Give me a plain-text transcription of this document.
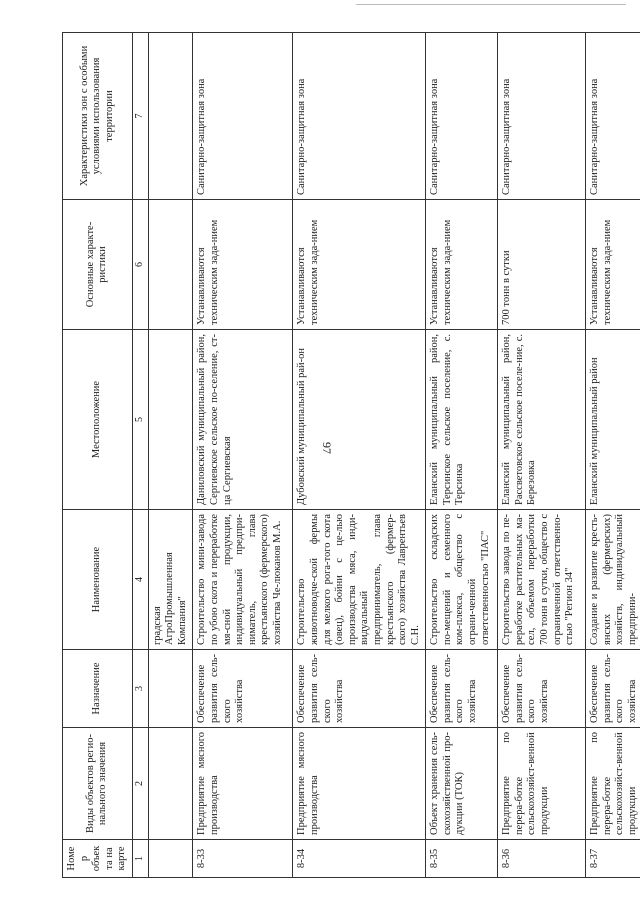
97
Номер объекта на карте	Виды объектов регио-нального значения	Назначение	Наименование	Местоположение	Основные характе-ристики	Характеристики зон с особыми условиями использования территории
1	2	3	4	5	6	7
			градская АгроПромышленная Компания"			
8-33	Предприятие мясного производства	Обеспечение развития сель-ского хозяйства	Строительство мини-завода по убою скота и переработке мя-сной продукции, индивидуальный предпри-ниматель, глава крестьянского (фермерского) хозяйства Че-люканов М.А.	Даниловский муниципальный район, Сергиевское сельское по-селение, ст-ца Сергиевская	Устанавливаются техническим зада-нием	Санитарно-защитная зона
8-34	Предприятие мясного производства	Обеспечение развития сель-ского хозяйства	Строительство животноводче-ской фермы для мелкого рога-того скота (овец), бойни с це-лью производства мяса, инди-видуальный предприниматель, глава крестьянского (фермер-ского) хозяйства Лаврентьев С.Н.	Дубовский муниципальный рай-он	Устанавливаются техническим зада-нием	Санитарно-защитная зона
8-35	Объект хранения сель-скохозяйственной про-дукции (ТОК)	Обеспечение развития сель-ского хозяйства	Строительство складских по-мещений и семенного ком-плекса, общество с ограни-ченной ответственностью "ПАС"	Еланский муниципальный район, Терсинское сельское поселение, с. Терсинка	Устанавливаются техническим зада-нием	Санитарно-защитная зона
8-36	Предприятие по перера-ботке сельскохозяйст-венной продукции	Обеспечение развития сель-ского хозяйства	Строительство завода по пе-реработке растительных ма-сел, объемом переработки 700 тонн в сутки, общество с ограниченной ответственно-стью "Регион 34"	Еланский муниципальный район, Рассветовское сельское поселе-ние, с. Березовка	700 тонн в сутки	Санитарно-защитная зона
8-37	Предприятие по перера-ботке сельскохозяйст-венной продукции	Обеспечение развития сель-ского хозяйства	Создание и развитие кресть-янских (фермерских) хозяйств, индивидуальный предприни-	Еланский муниципальный район	Устанавливаются техническим зада-нием	Санитарно-защитная зона
